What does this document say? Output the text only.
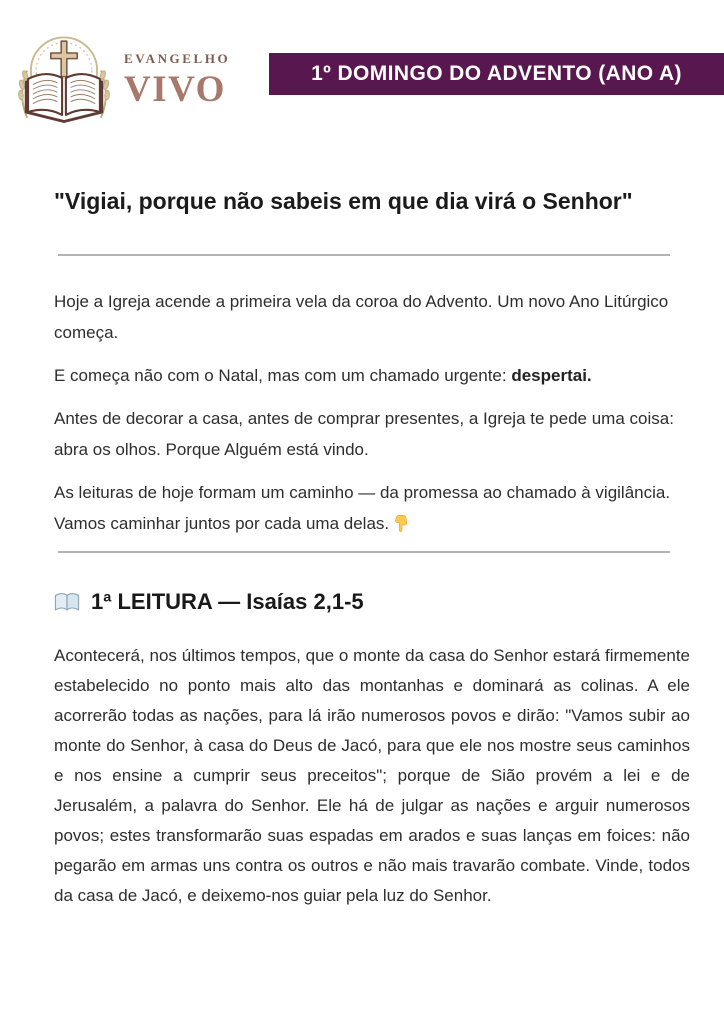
EVANGELHO
VIVO	1º DOMINGO DO ADVENTO (ANO A)
"Vigiai, porque não sabeis em que dia virá o Senhor"

Hoje a Igreja acende a primeira vela da coroa do Advento. Um novo Ano Litúrgico começa.

E começa não com o Natal, mas com um chamado urgente: despertai.

Antes de decorar a casa, antes de comprar presentes, a Igreja te pede uma coisa: abra os olhos. Porque Alguém está vindo.

As leituras de hoje formam um caminho — da promessa ao chamado à vigilância. Vamos caminhar juntos por cada uma delas.

1ª LEITURA — Isaías 2,1-5

Acontecerá, nos últimos tempos, que o monte da casa do Senhor estará firmemente estabelecido no ponto mais alto das montanhas e dominará as colinas. A ele acorrerão todas as nações, para lá irão numerosos povos e dirão: "Vamos subir ao monte do Senhor, à casa do Deus de Jacó, para que ele nos mostre seus caminhos e nos ensine a cumprir seus preceitos"; porque de Sião provém a lei e de Jerusalém, a palavra do Senhor. Ele há de julgar as nações e arguir numerosos povos; estes transformarão suas espadas em arados e suas lanças em foices: não pegarão em armas uns contra os outros e não mais travarão combate. Vinde, todos da casa de Jacó, e deixemo-nos guiar pela luz do Senhor.
